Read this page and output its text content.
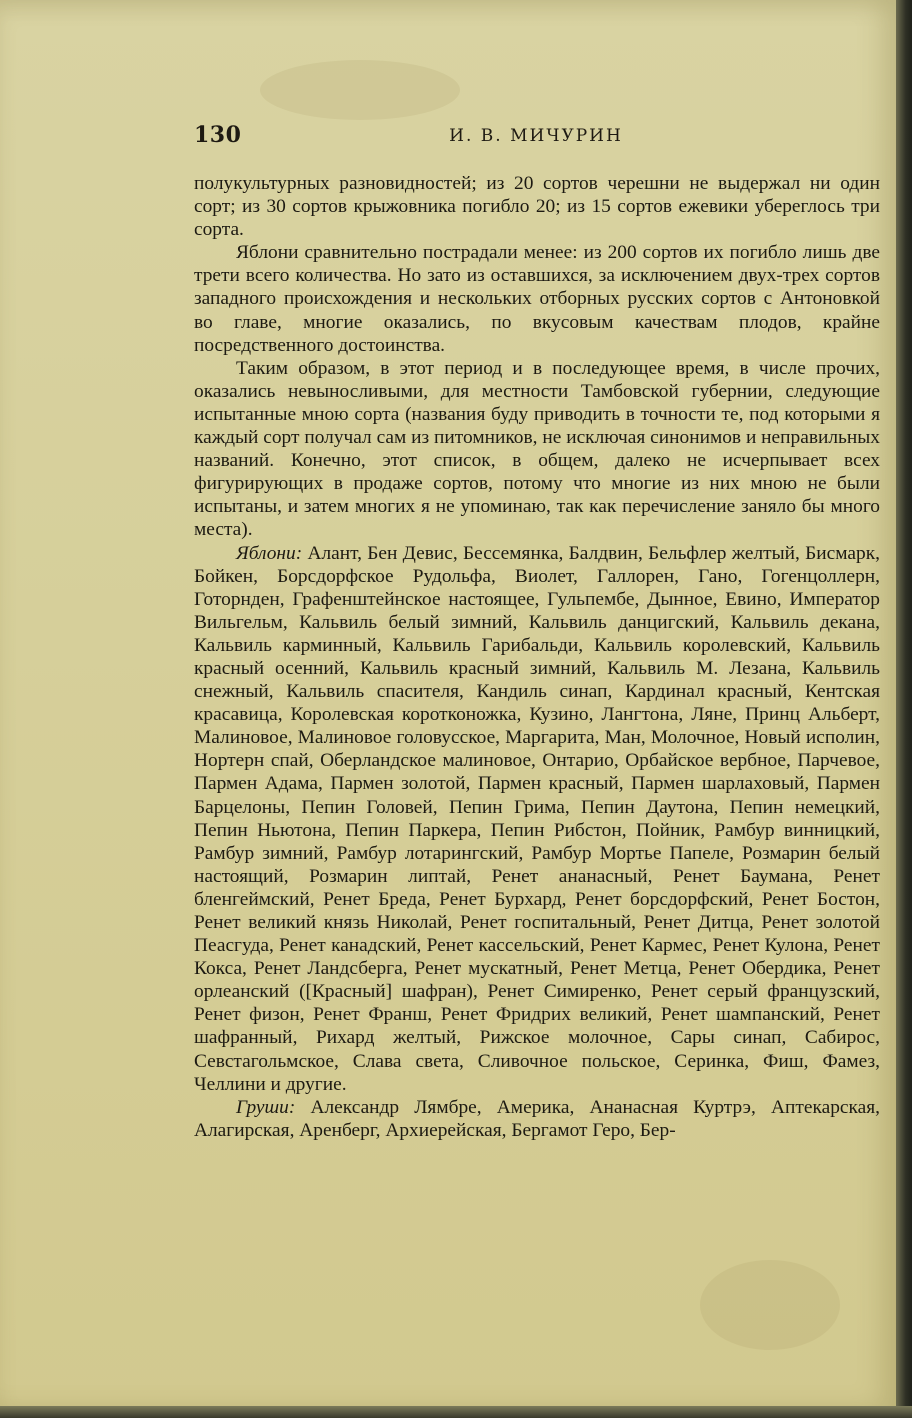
130	И. В. МИЧУРИН

полукультурных разновидностей; из 20 сортов черешни не выдержал ни один сорт; из 30 сортов крыжовника погибло 20; из 15 сортов ежевики убереглось три сорта.

Яблони сравнительно пострадали менее: из 200 сортов их погибло лишь две трети всего количества. Но зато из оставшихся, за исключением двух-трех сортов западного происхождения и нескольких отборных русских сортов с Антоновкой во главе, многие оказались, по вкусовым качествам плодов, крайне посредственного достоинства.

Таким образом, в этот период и в последующее время, в числе прочих, оказались невыносливыми, для местности Тамбовской губернии, следующие испытанные мною сорта (названия буду приводить в точности те, под которыми я каждый сорт получал сам из питомников, не исключая синонимов и неправильных названий. Конечно, этот список, в общем, далеко не исчерпывает всех фигурирующих в продаже сортов, потому что многие из них мною не были испытаны, и затем многих я не упоминаю, так как перечисление заняло бы много места).

Яблони: Алант, Бен Девис, Бессемянка, Балдвин, Бельфлер желтый, Бисмарк, Бойкен, Борсдорфское Рудольфа, Виолет, Галлорен, Гано, Гогенцоллерн, Готорнден, Графенштейнское настоящее, Гульпембе, Дынное, Евино, Император Вильгельм, Кальвиль белый зимний, Кальвиль данцигский, Кальвиль декана, Кальвиль карминный, Кальвиль Гарибальди, Кальвиль королевский, Кальвиль красный осенний, Кальвиль красный зимний, Кальвиль М. Лезана, Кальвиль снежный, Кальвиль спасителя, Кандиль синап, Кардинал красный, Кентская красавица, Королевская коротконожка, Кузино, Лангтона, Ляне, Принц Альберт, Малиновое, Малиновое головусское, Маргарита, Ман, Молочное, Новый исполин, Нортерн спай, Оберландское малиновое, Онтарио, Орбайское вербное, Парчевое, Пармен Адама, Пармен золотой, Пармен красный, Пармен шарлаховый, Пармен Барцелоны, Пепин Головей, Пепин Грима, Пепин Даутона, Пепин немецкий, Пепин Ньютона, Пепин Паркера, Пепин Рибстон, Пойник, Рамбур винницкий, Рамбур зимний, Рамбур лотарингский, Рамбур Мортье Папеле, Розмарин белый настоящий, Розмарин липтай, Ренет ананасный, Ренет Баумана, Ренет бленгеймский, Ренет Бреда, Ренет Бурхард, Ренет борсдорфский, Ренет Бостон, Ренет великий князь Николай, Ренет госпитальный, Ренет Дитца, Ренет золотой Пеасгуда, Ренет канадский, Ренет кассельский, Ренет Кармес, Ренет Кулона, Ренет Кокса, Ренет Ландсберга, Ренет мускатный, Ренет Метца, Ренет Обердика, Ренет орлеанский ([Красный] шафран), Ренет Симиренко, Ренет серый французский, Ренет физон, Ренет Франш, Ренет Фридрих великий, Ренет шампанский, Ренет шафранный, Рихард желтый, Рижское молочное, Сары синап, Сабирос, Севстагольмское, Слава света, Сливочное польское, Серинка, Фиш, Фамез, Челлини и другие.

Груши: Александр Лямбре, Америка, Ананасная Куртрэ, Аптекарская, Алагирская, Аренберг, Архиерейская, Бергамот Геро, Бер-
